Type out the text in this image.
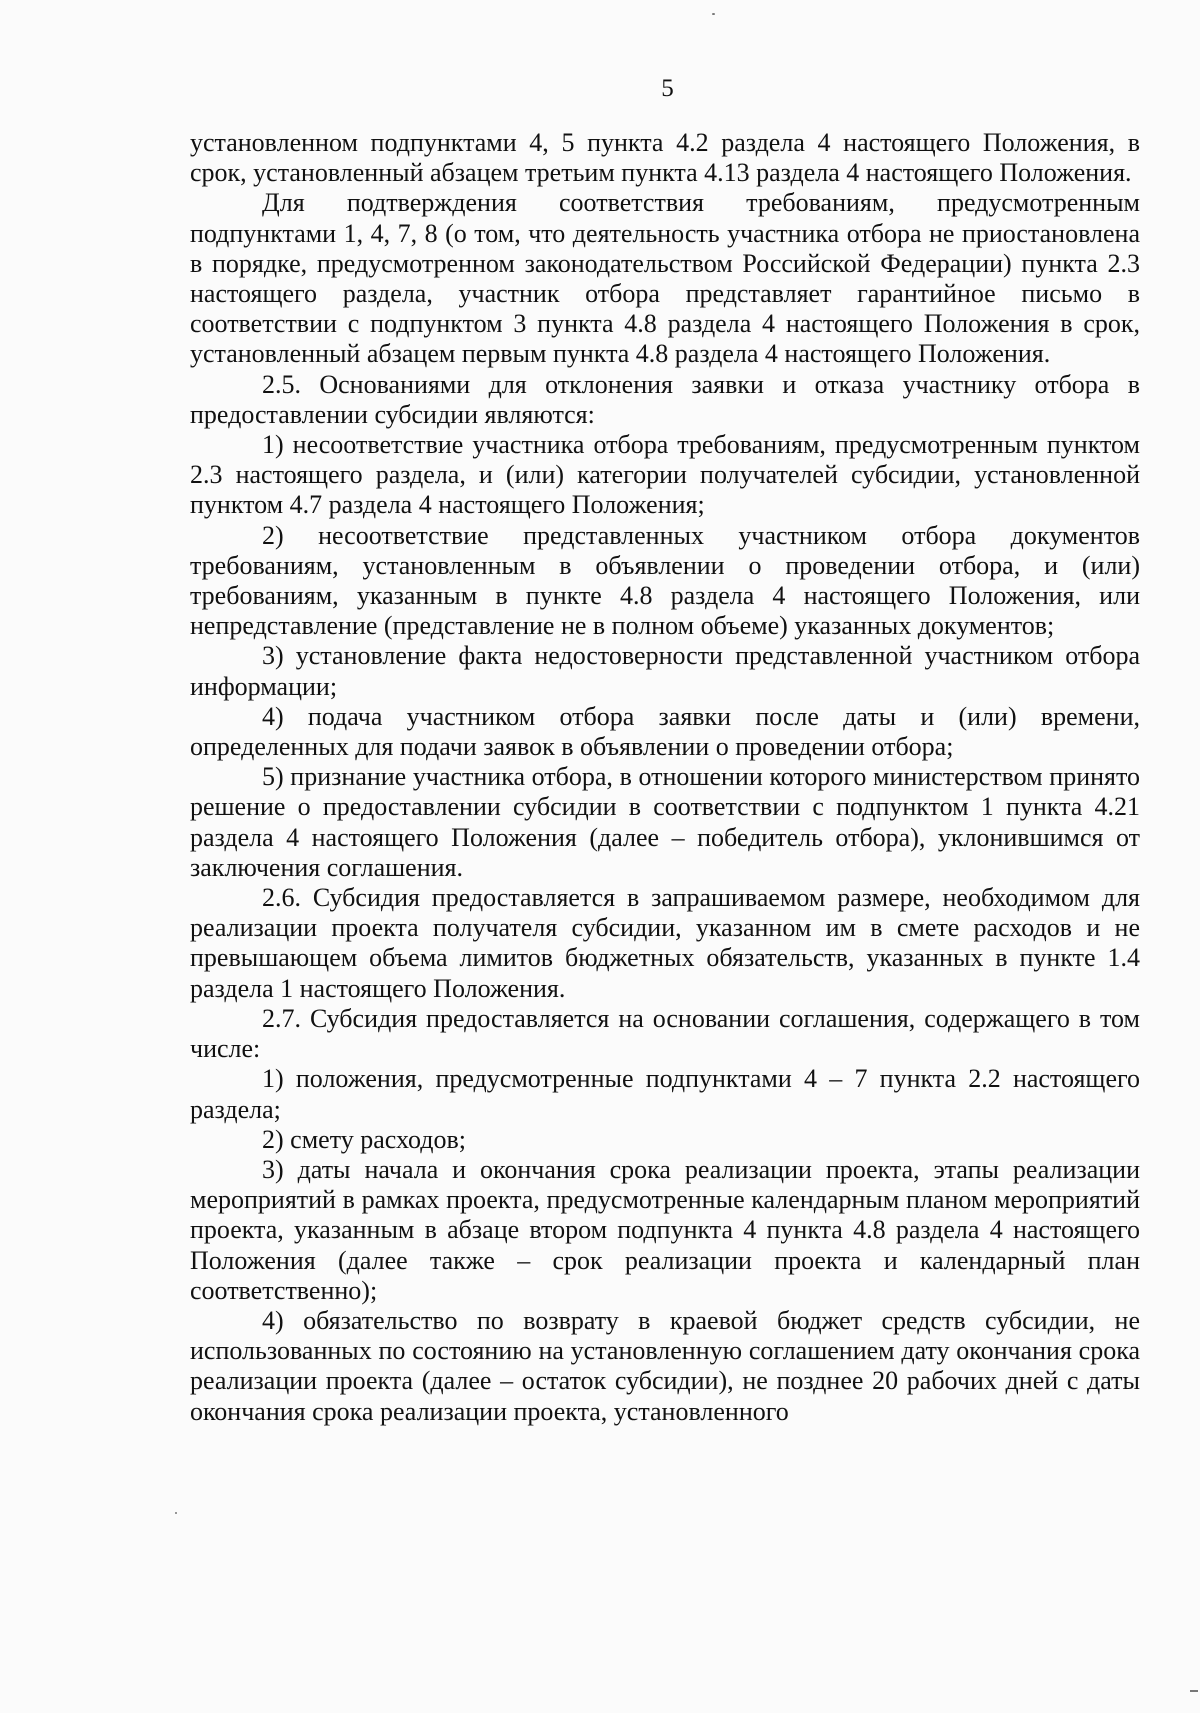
5

установленном подпунктами 4, 5 пункта 4.2 раздела 4 настоящего Положения, в срок, установленный абзацем третьим пункта 4.13 раздела 4 настоящего Положения.

Для подтверждения соответствия требованиям, предусмотренным подпунктами 1, 4, 7, 8 (о том, что деятельность участника отбора не приостановлена в порядке, предусмотренном законодательством Российской Федерации) пункта 2.3 настоящего раздела, участник отбора представляет гарантийное письмо в соответствии с подпунктом 3 пункта 4.8 раздела 4 настоящего Положения в срок, установленный абзацем первым пункта 4.8 раздела 4 настоящего Положения.

2.5. Основаниями для отклонения заявки и отказа участнику отбора в предоставлении субсидии являются:

1) несоответствие участника отбора требованиям, предусмотренным пунктом 2.3 настоящего раздела, и (или) категории получателей субсидии, установленной пунктом 4.7 раздела 4 настоящего Положения;

2) несоответствие представленных участником отбора документов требованиям, установленным в объявлении о проведении отбора, и (или) требованиям, указанным в пункте 4.8 раздела 4 настоящего Положения, или непредставление (представление не в полном объеме) указанных документов;

3) установление факта недостоверности представленной участником отбора информации;

4) подача участником отбора заявки после даты и (или) времени, определенных для подачи заявок в объявлении о проведении отбора;

5) признание участника отбора, в отношении которого министерством принято решение о предоставлении субсидии в соответствии с подпунктом 1 пункта 4.21 раздела 4 настоящего Положения (далее – победитель отбора), уклонившимся от заключения соглашения.

2.6. Субсидия предоставляется в запрашиваемом размере, необходимом для реализации проекта получателя субсидии, указанном им в смете расходов и не превышающем объема лимитов бюджетных обязательств, указанных в пункте 1.4 раздела 1 настоящего Положения.

2.7. Субсидия предоставляется на основании соглашения, содержащего в том числе:

1) положения, предусмотренные подпунктами 4 – 7 пункта 2.2 настоящего раздела;

2) смету расходов;

3) даты начала и окончания срока реализации проекта, этапы реализации мероприятий в рамках проекта, предусмотренные календарным планом мероприятий проекта, указанным в абзаце втором подпункта 4 пункта 4.8 раздела 4 настоящего Положения (далее также – срок реализации проекта и календарный план соответственно);

4) обязательство по возврату в краевой бюджет средств субсидии, не использованных по состоянию на установленную соглашением дату окончания срока реализации проекта (далее – остаток субсидии), не позднее 20 рабочих дней с даты окончания срока реализации проекта, установленного
